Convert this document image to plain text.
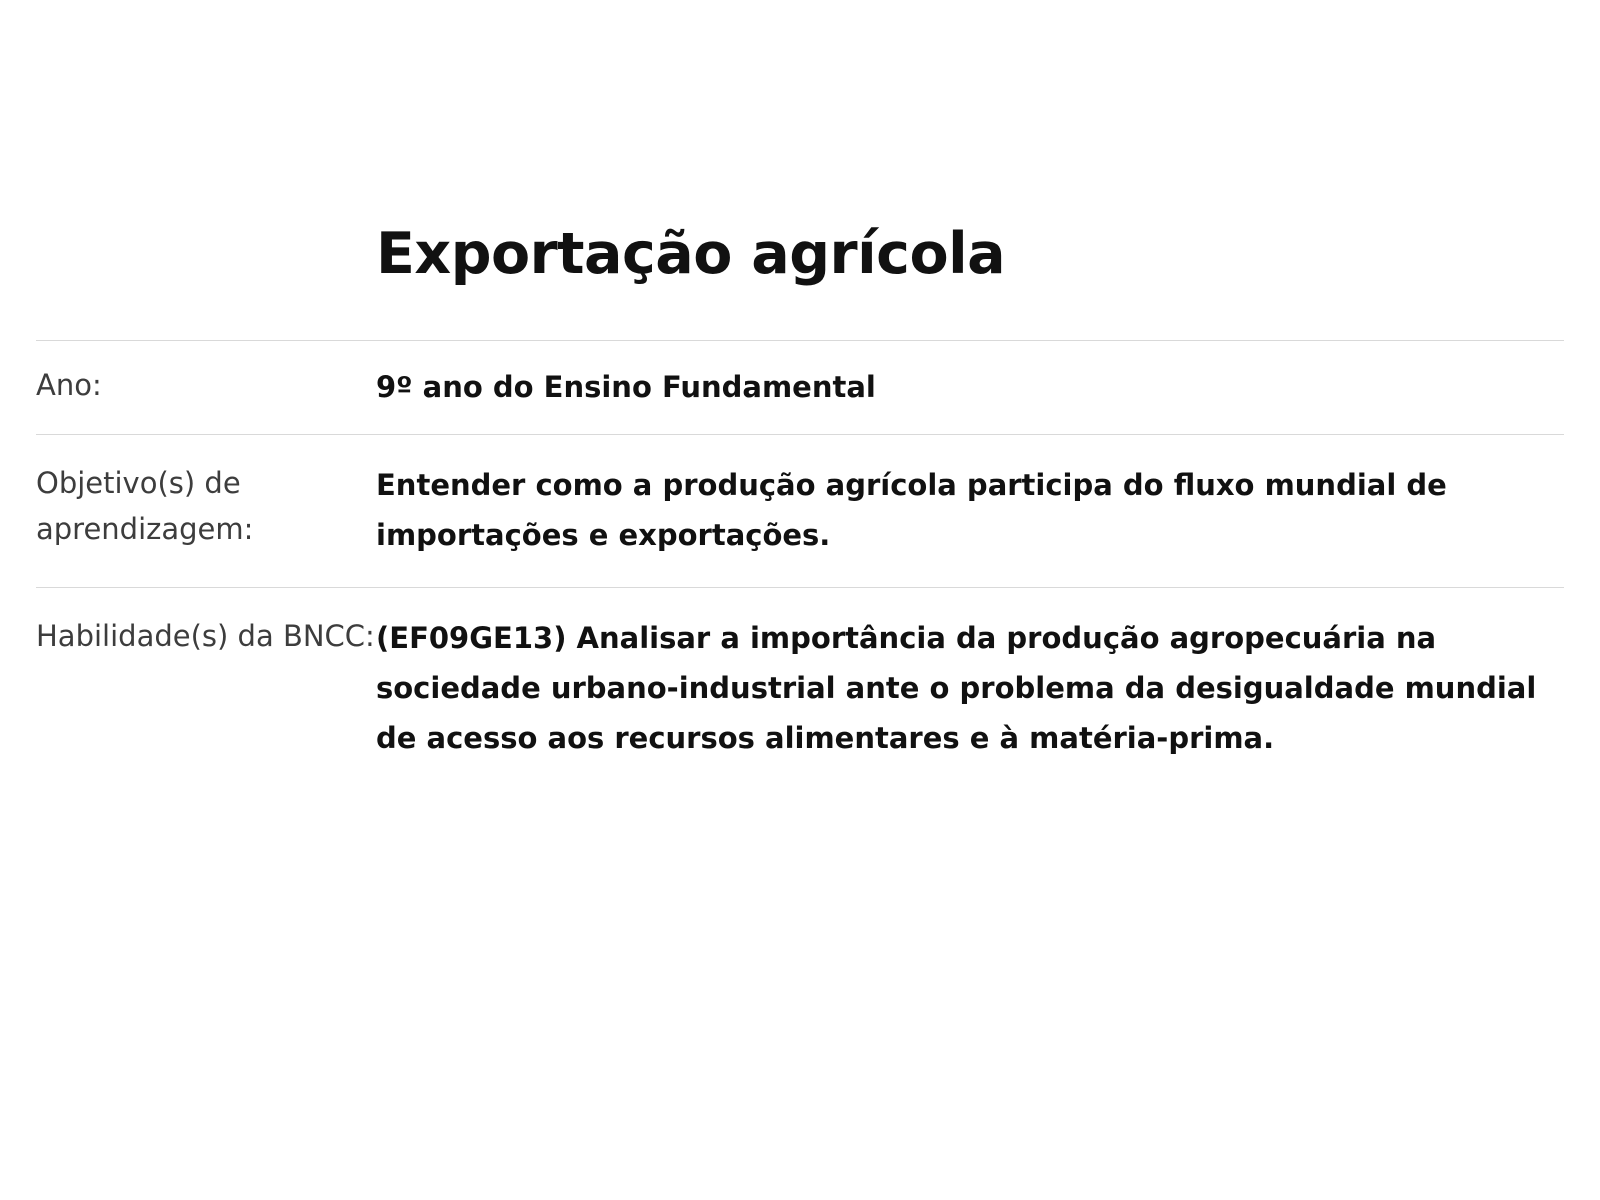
Exportação agrícola
Ano:	9º ano do Ensino Fundamental
Objetivo(s) de aprendizagem:	Entender como a produção agrícola participa do fluxo mundial de importações e exportações.
Habilidade(s) da BNCC:	(EF09GE13) Analisar a importância da produção agropecuária na sociedade urbano-industrial ante o problema da desigualdade mundial de acesso aos recursos alimentares e à matéria-prima.
